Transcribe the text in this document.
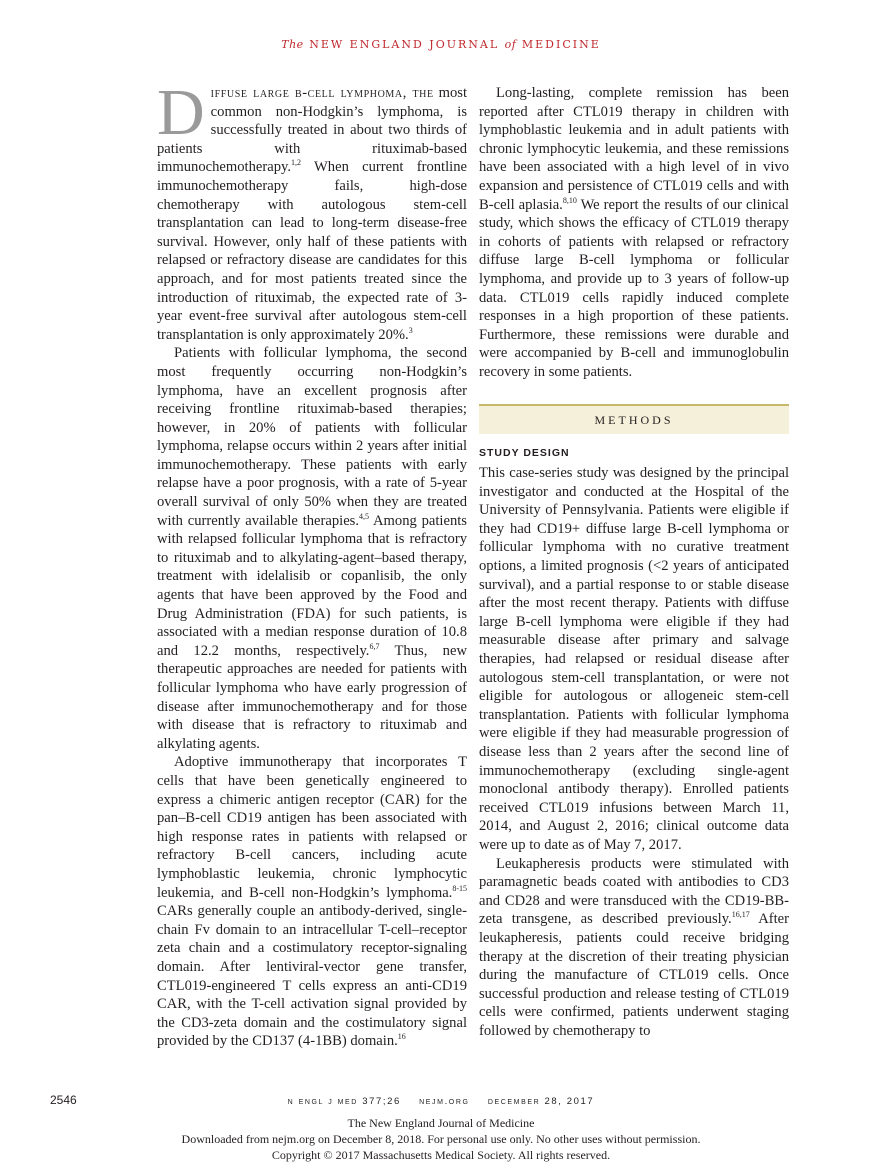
The NEW ENGLAND JOURNAL of MEDICINE

Diffuse large b-cell lymphoma, the most common non-Hodgkin’s lymphoma, is successfully treated in about two thirds of patients with rituximab-based immunochemotherapy.$^{1,2}$ When current frontline immunochemotherapy fails, high-dose chemotherapy with autologous stem-cell transplantation can lead to long-term disease-free survival. However, only half of these patients with relapsed or refractory disease are candidates for this approach, and for most patients treated since the introduction of rituximab, the expected rate of 3-year event-free survival after autologous stem-cell transplantation is only approximately 20%.$^3$

Patients with follicular lymphoma, the second most frequently occurring non-Hodgkin’s lymphoma, have an excellent prognosis after receiving frontline rituximab-based therapies; however, in 20% of patients with follicular lymphoma, relapse occurs within 2 years after initial immunochemotherapy. These patients with early relapse have a poor prognosis, with a rate of 5-year overall survival of only 50% when they are treated with currently available therapies.$^{4,5}$ Among patients with relapsed follicular lymphoma that is refractory to rituximab and to alkylating-agent–based therapy, treatment with idelalisib or copanlisib, the only agents that have been approved by the Food and Drug Administration (FDA) for such patients, is associated with a median response duration of 10.8 and 12.2 months, respectively.$^{6,7}$ Thus, new therapeutic approaches are needed for patients with follicular lymphoma who have early progression of disease after immunochemotherapy and for those with disease that is refractory to rituximab and alkylating agents.

Adoptive immunotherapy that incorporates T cells that have been genetically engineered to express a chimeric antigen receptor (CAR) for the pan–B-cell CD19 antigen has been associated with high response rates in patients with relapsed or refractory B-cell cancers, including acute lymphoblastic leukemia, chronic lymphocytic leukemia, and B-cell non-Hodgkin’s lymphoma.$^{8-15}$ CARs generally couple an antibody-derived, single-chain Fv domain to an intracellular T-cell–receptor zeta chain and a costimulatory receptor-signaling domain. After lentiviral-vector gene transfer, CTL019-engineered T cells express an anti-CD19 CAR, with the T-cell activation signal provided by the CD3-zeta domain and the costimulatory signal provided by the CD137 (4-1BB) domain.$^{16}$

Long-lasting, complete remission has been reported after CTL019 therapy in children with lymphoblastic leukemia and in adult patients with chronic lymphocytic leukemia, and these remissions have been associated with a high level of in vivo expansion and persistence of CTL019 cells and with B-cell aplasia.$^{8,10}$ We report the results of our clinical study, which shows the efficacy of CTL019 therapy in cohorts of patients with relapsed or refractory diffuse large B-cell lymphoma or follicular lymphoma, and provide up to 3 years of follow-up data. CTL019 cells rapidly induced complete responses in a high proportion of these patients. Furthermore, these remissions were durable and were accompanied by B-cell and immunoglobulin recovery in some patients.

METHODS
STUDY DESIGN

This case-series study was designed by the principal investigator and conducted at the Hospital of the University of Pennsylvania. Patients were eligible if they had CD19+ diffuse large B-cell lymphoma or follicular lymphoma with no curative treatment options, a limited prognosis (<2 years of anticipated survival), and a partial response to or stable disease after the most recent therapy. Patients with diffuse large B-cell lymphoma were eligible if they had measurable disease after primary and salvage therapies, had relapsed or residual disease after autologous stem-cell transplantation, or were not eligible for autologous or allogeneic stem-cell transplantation. Patients with follicular lymphoma were eligible if they had measurable progression of disease less than 2 years after the second line of immunochemotherapy (excluding single-agent monoclonal antibody therapy). Enrolled patients received CTL019 infusions between March 11, 2014, and August 2, 2016; clinical outcome data were up to date as of May 7, 2017.

Leukapheresis products were stimulated with paramagnetic beads coated with antibodies to CD3 and CD28 and were transduced with the CD19-BB-zeta transgene, as described previously.$^{16,17}$ After leukapheresis, patients could receive bridging therapy at the discretion of their treating physician during the manufacture of CTL019 cells. Once successful production and release testing of CTL019 cells were confirmed, patients underwent staging followed by chemotherapy to

2546	n engl j med 377;26 nejm.org december 28, 2017
The New England Journal of Medicine
Downloaded from nejm.org on December 8, 2018. For personal use only. No other uses without permission.
Copyright © 2017 Massachusetts Medical Society. All rights reserved.
